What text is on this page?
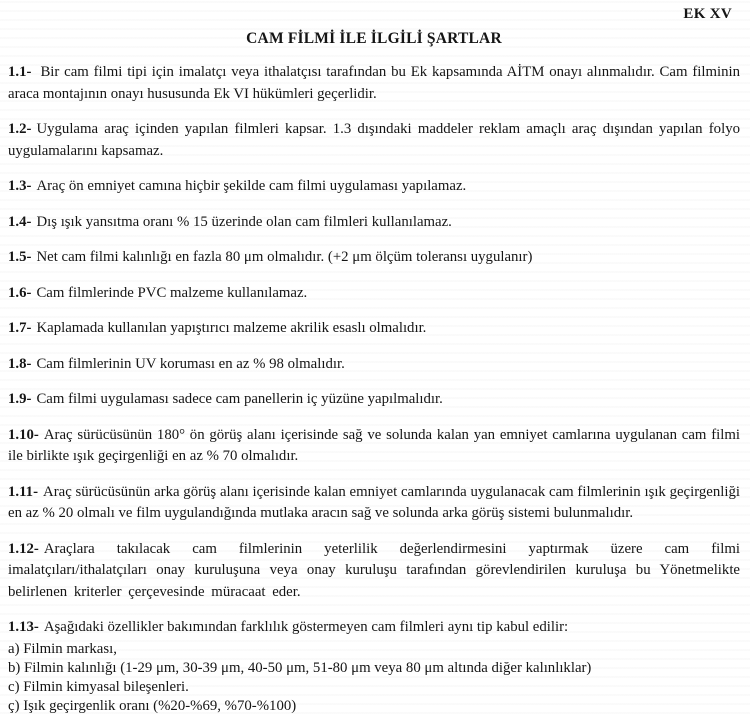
EK XV
CAM FİLMİ İLE İLGİLİ ŞARTLAR

1.1- Bir cam filmi tipi için imalatçı veya ithalatçısı tarafından bu Ek kapsamında AİTM onayı alınmalıdır. Cam filminin araca montajının onayı hususunda Ek VI hükümleri geçerlidir.

1.2- Uygulama araç içinden yapılan filmleri kapsar. 1.3 dışındaki maddeler reklam amaçlı araç dışından yapılan folyo uygulamalarını kapsamaz.

1.3- Araç ön emniyet camına hiçbir şekilde cam filmi uygulaması yapılamaz.

1.4- Dış ışık yansıtma oranı % 15 üzerinde olan cam filmleri kullanılamaz.

1.5- Net cam filmi kalınlığı en fazla 80 μm olmalıdır. (+2 μm ölçüm toleransı uygulanır)

1.6- Cam filmlerinde PVC malzeme kullanılamaz.

1.7- Kaplamada kullanılan yapıştırıcı malzeme akrilik esaslı olmalıdır.

1.8- Cam filmlerinin UV koruması en az % 98 olmalıdır.

1.9- Cam filmi uygulaması sadece cam panellerin iç yüzüne yapılmalıdır.

1.10- Araç sürücüsünün 180° ön görüş alanı içerisinde sağ ve solunda kalan yan emniyet camlarına uygulanan cam filmi ile birlikte ışık geçirgenliği en az % 70 olmalıdır.

1.11- Araç sürücüsünün arka görüş alanı içerisinde kalan emniyet camlarında uygulanacak cam filmlerinin ışık geçirgenliği en az % 20 olmalı ve film uygulandığında mutlaka aracın sağ ve solunda arka görüş sistemi bulunmalıdır.

1.12- Araçlara takılacak cam filmlerinin yeterlilik değerlendirmesini yaptırmak üzere cam filmi imalatçıları/ithalatçıları onay kuruluşuna veya onay kuruluşu tarafından görevlendirilen kuruluşa bu Yönetmelikte belirlenen kriterler çerçevesinde müracaat eder.

1.13- Aşağıdaki özellikler bakımından farklılık göstermeyen cam filmleri aynı tip kabul edilir:

a) Filmin markası,
b) Filmin kalınlığı (1-29 μm, 30-39 μm, 40-50 μm, 51-80 μm veya 80 μm altında diğer kalınlıklar)
c) Filmin kimyasal bileşenleri.
ç) Işık geçirgenlik oranı (%20-%69, %70-%100)
